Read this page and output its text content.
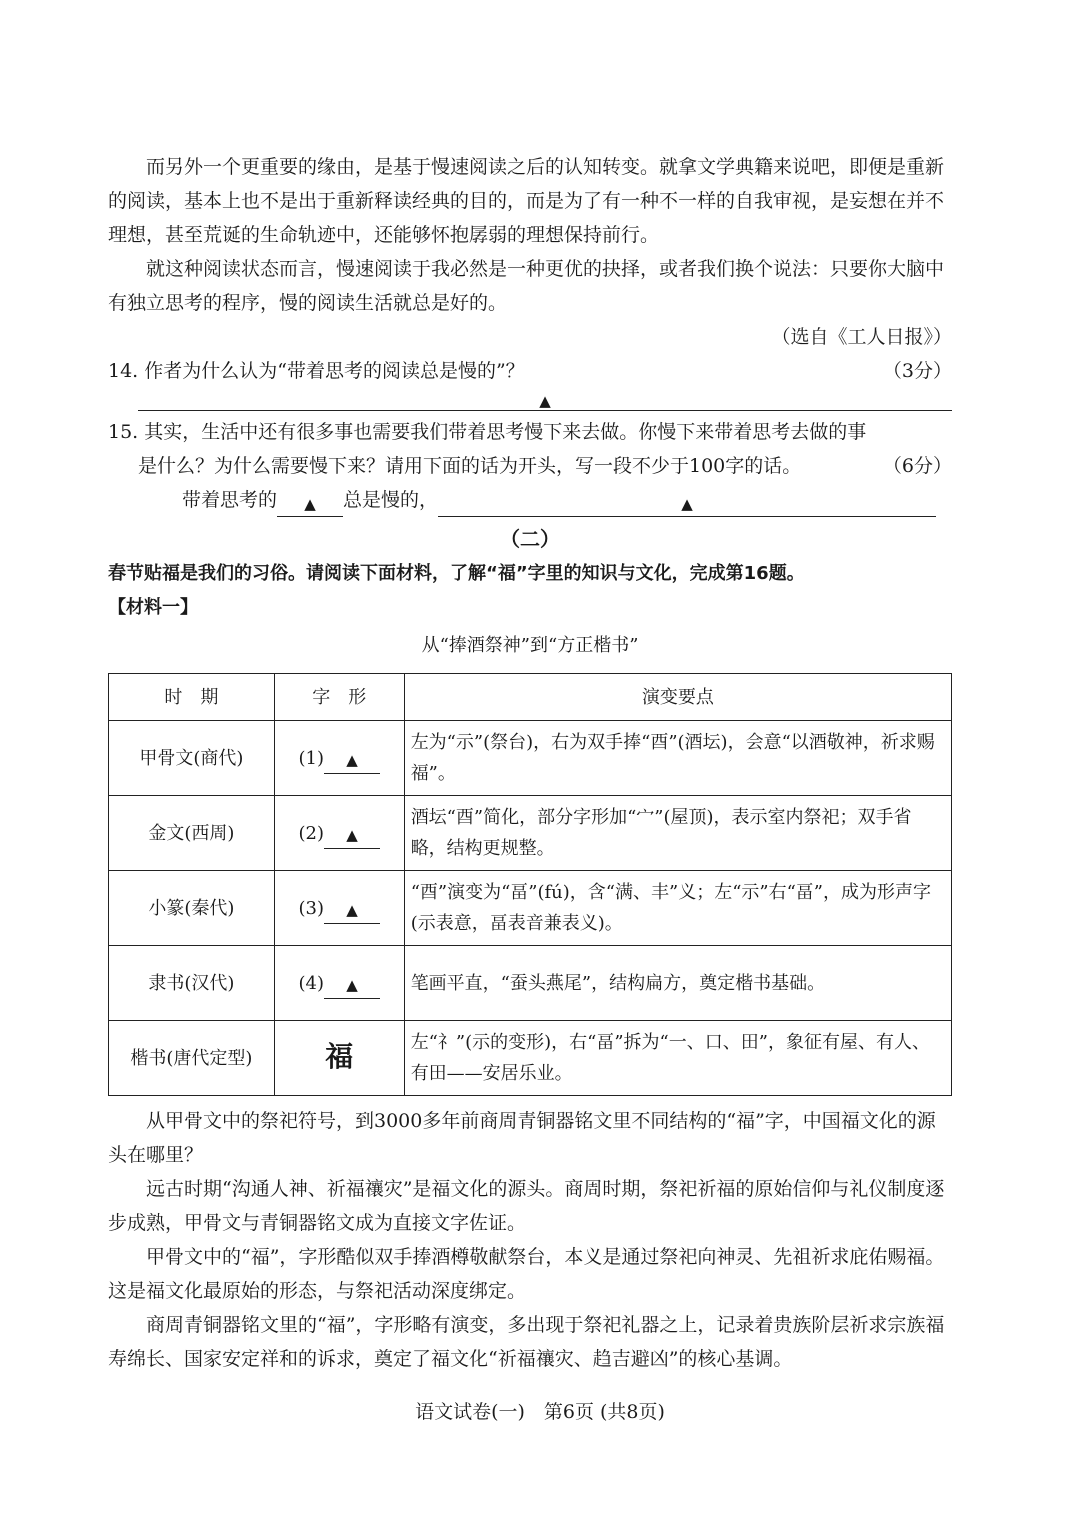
而另外一个更重要的缘由，是基于慢速阅读之后的认知转变。就拿文学典籍来说吧，即便是重新的阅读，基本上也不是出于重新释读经典的目的，而是为了有一种不一样的自我审视，是妄想在并不理想，甚至荒诞的生命轨迹中，还能够怀抱孱弱的理想保持前行。

就这种阅读状态而言，慢速阅读于我必然是一种更优的抉择，或者我们换个说法：只要你大脑中有独立思考的程序，慢的阅读生活就总是好的。

（选自《工人日报》）

14. 作者为什么认为“带着思考的阅读总是慢的”？	（3分）
▲
15. 其实，生活中还有很多事也需要我们带着思考慢下来去做。你慢下来带着思考去做的事
是什么？为什么需要慢下来？请用下面的话为开头，写一段不少于100字的话。	（6分）
带着思考的	▲	总是慢的，	▲
（二）

春节贴福是我们的习俗。请阅读下面材料，了解“福”字里的知识与文化，完成第16题。

【材料一】

从“捧酒祭神”到“方正楷书”
时　期	字　形	演变要点
甲骨文(商代)	(1) ▲	左为“示”(祭台)，右为双手捧“酉”(酒坛)，会意“以酒敬神，祈求赐福”。
金文(西周)	(2) ▲	酒坛“酉”简化，部分字形加“宀”(屋顶)，表示室内祭祀；双手省略，结构更规整。
小篆(秦代)	(3) ▲	“酉”演变为“畐”(fú)，含“满、丰”义；左“示”右“畐”，成为形声字(示表意，畐表音兼表义)。
隶书(汉代)	(4) ▲	笔画平直，“蚕头燕尾”，结构扁方，奠定楷书基础。
楷书(唐代定型)	福	左“礻”(示的变形)，右“畐”拆为“一、口、田”，象征有屋、有人、有田——安居乐业。

从甲骨文中的祭祀符号，到3000多年前商周青铜器铭文里不同结构的“福”字，中国福文化的源头在哪里？

远古时期“沟通人神、祈福禳灾”是福文化的源头。商周时期，祭祀祈福的原始信仰与礼仪制度逐步成熟，甲骨文与青铜器铭文成为直接文字佐证。

甲骨文中的“福”，字形酷似双手捧酒樽敬献祭台，本义是通过祭祀向神灵、先祖祈求庇佑赐福。这是福文化最原始的形态，与祭祀活动深度绑定。

商周青铜器铭文里的“福”，字形略有演变，多出现于祭祀礼器之上，记录着贵族阶层祈求宗族福寿绵长、国家安定祥和的诉求，奠定了福文化“祈福禳灾、趋吉避凶”的核心基调。

语文试卷(一)　第6页 (共8页)
